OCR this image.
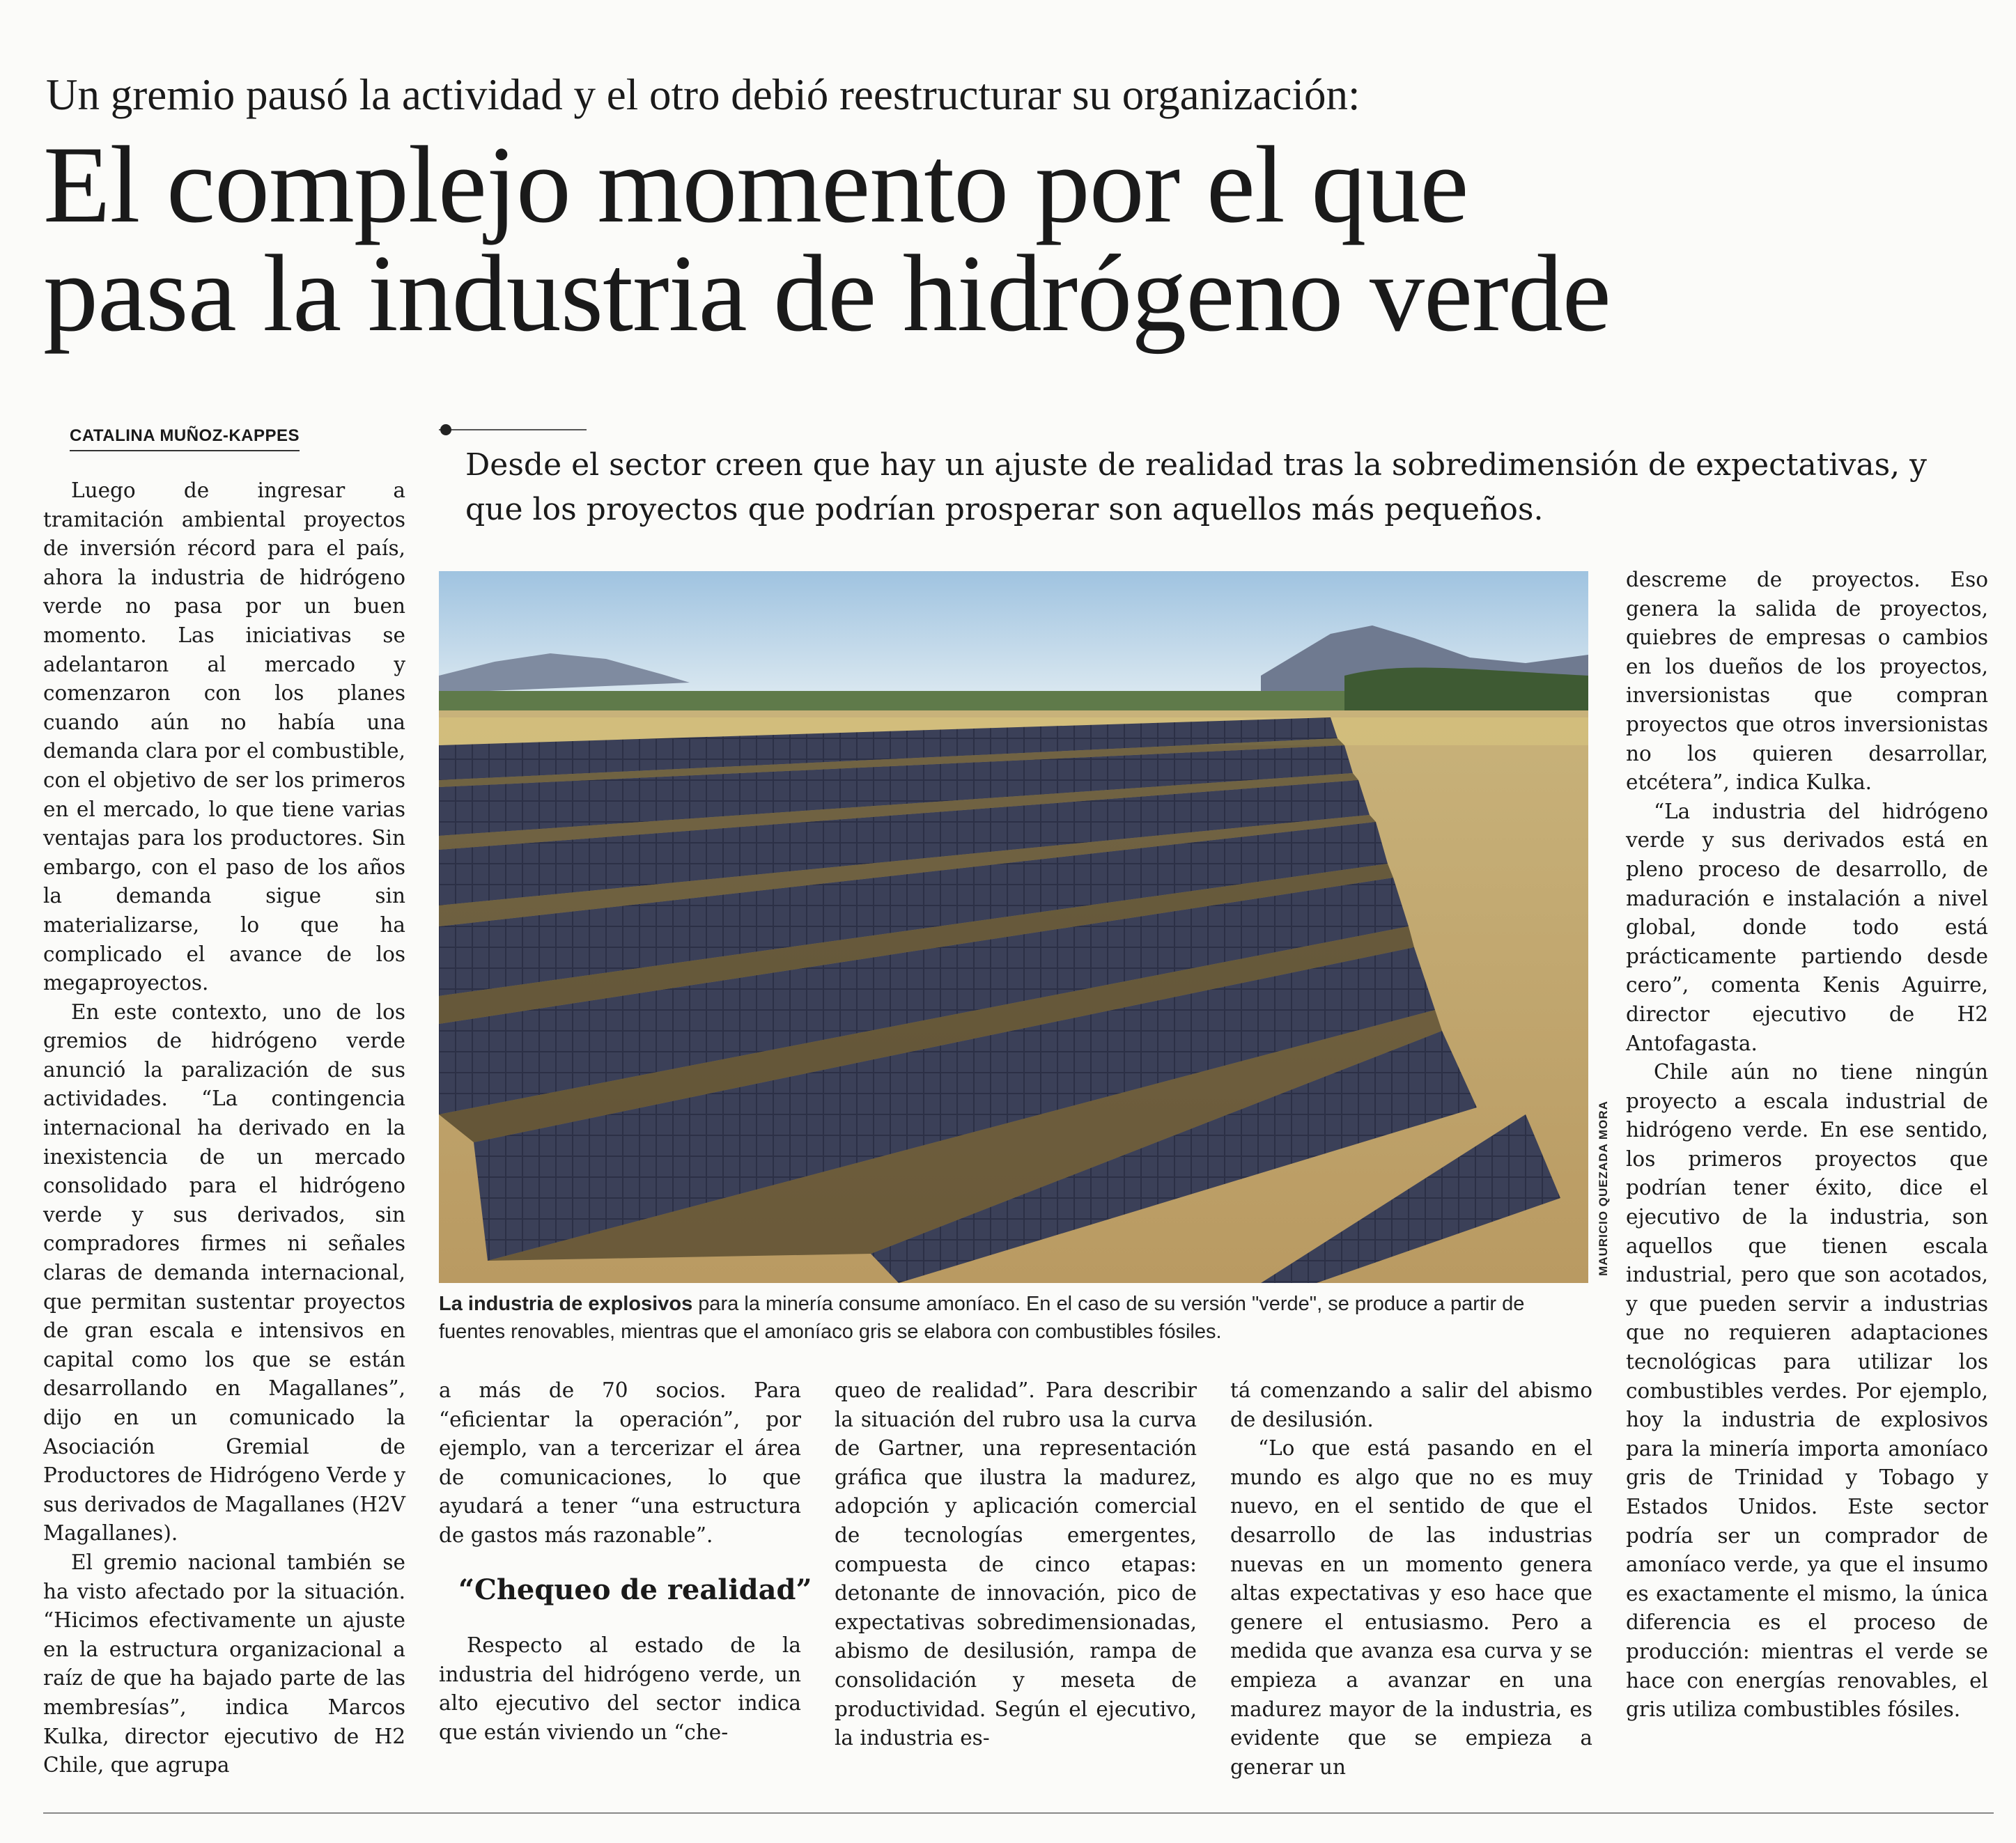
Un gremio pausó la actividad y el otro debió reestructurar su organización:
El complejo momento por el que
pasa la industria de hidrógeno verde
CATALINA MUÑOZ-KAPPES
Desde el sector creen que hay un ajuste de realidad tras la sobredimensión de expectativas, y que los proyectos que podrían prosperar son aquellos más pequeños.
MAURICIO QUEZADA MORA
La industria de explosivos para la minería consume amoníaco. En el caso de su versión "verde", se produce a partir de fuentes renovables, mientras que el amoníaco gris se elabora con combustibles fósiles.

Luego de ingresar a tramitación ambiental proyectos de inversión récord para el país, ahora la industria de hidrógeno verde no pasa por un buen momento. Las iniciativas se adelantaron al mercado y comenzaron con los planes cuando aún no había una demanda clara por el combustible, con el objetivo de ser los primeros en el mercado, lo que tiene varias ventajas para los productores. Sin embargo, con el paso de los años la demanda sigue sin materializarse, lo que ha complicado el avance de los megaproyectos.

En este contexto, uno de los gremios de hidrógeno verde anunció la paralización de sus actividades. “La contingencia internacional ha derivado en la inexistencia de un mercado consolidado para el hidrógeno verde y sus derivados, sin compradores firmes ni señales claras de demanda internacional, que permitan sustentar proyectos de gran escala e intensivos en capital como los que se están desarrollando en Magallanes”, dijo en un comunicado la Asociación Gremial de Productores de Hidrógeno Verde y sus derivados de Magallanes (H2V Magallanes).

El gremio nacional también se ha visto afectado por la situación. “Hicimos efectivamente un ajuste en la estructura organizacional a raíz de que ha bajado parte de las membresías”, indica Marcos Kulka, director ejecutivo de H2 Chile, que agrupa

a más de 70 socios. Para “eficientar la operación”, por ejemplo, van a tercerizar el área de comunicaciones, lo que ayudará a tener “una estructura de gastos más razonable”.

“Chequeo de realidad”

Respecto al estado de la industria del hidrógeno verde, un alto ejecutivo del sector indica que están viviendo un “che-

queo de realidad”. Para describir la situación del rubro usa la curva de Gartner, una representación gráfica que ilustra la madurez, adopción y aplicación comercial de tecnologías emergentes, compuesta de cinco etapas: detonante de innovación, pico de expectativas sobredimensionadas, abismo de desilusión, rampa de consolidación y meseta de productividad. Según el ejecutivo, la industria es-

tá comenzando a salir del abismo de desilusión.

“Lo que está pasando en el mundo es algo que no es muy nuevo, en el sentido de que el desarrollo de las industrias nuevas en un momento genera altas expectativas y eso hace que genere el entusiasmo. Pero a medida que avanza esa curva y se empieza a avanzar en una madurez mayor de la industria, es evidente que se empieza a generar un

descreme de proyectos. Eso genera la salida de proyectos, quiebres de empresas o cambios en los dueños de los proyectos, inversionistas que compran proyectos que otros inversionistas no los quieren desarrollar, etcétera”, indica Kulka.

“La industria del hidrógeno verde y sus derivados está en pleno proceso de desarrollo, de maduración e instalación a nivel global, donde todo está prácticamente partiendo desde cero”, comenta Kenis Aguirre, director ejecutivo de H2 Antofagasta.

Chile aún no tiene ningún proyecto a escala industrial de hidrógeno verde. En ese sentido, los primeros proyectos que podrían tener éxito, dice el ejecutivo de la industria, son aquellos que tienen escala industrial, pero que son acotados, y que pueden servir a industrias que no requieren adaptaciones tecnológicas para utilizar los combustibles verdes. Por ejemplo, hoy la industria de explosivos para la minería importa amoníaco gris de Trinidad y Tobago y Estados Unidos. Este sector podría ser un comprador de amoníaco verde, ya que el insumo es exactamente el mismo, la única diferencia es el proceso de producción: mientras el verde se hace con energías renovables, el gris utiliza combustibles fósiles.
